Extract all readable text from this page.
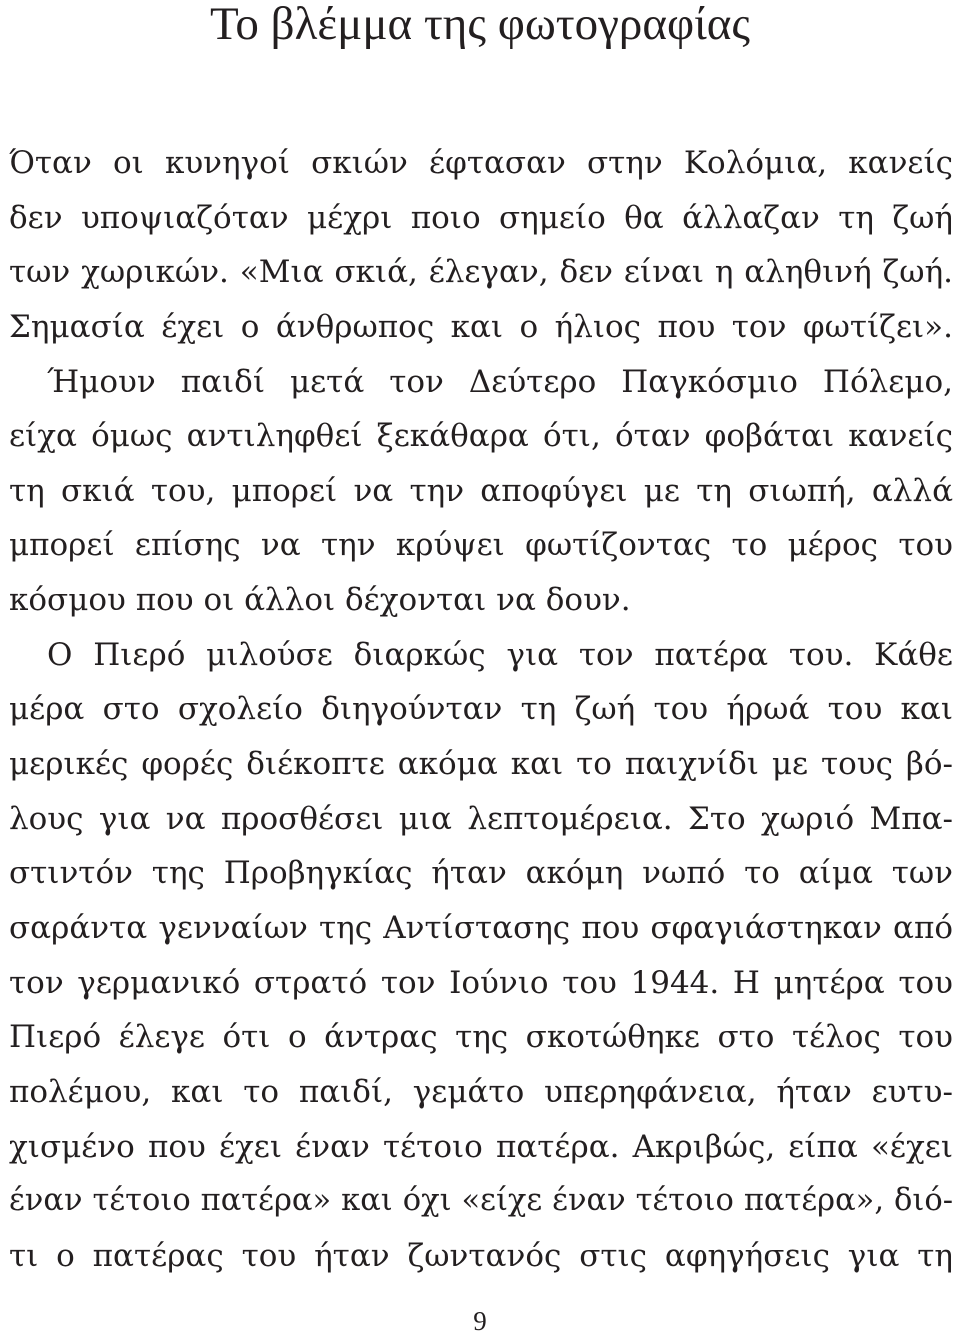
Το βλέμμα της φωτογραφίας
Όταν οι κυνηγοί σκιών έφτασαν στην Κολόμια, κανείς
δεν υποψιαζόταν μέχρι ποιο σημείο θα άλλαζαν τη ζωή
των χωρικών. «Μια σκιά, έλεγαν, δεν είναι η αληθινή ζωή.
Σημασία έχει ο άνθρωπος και ο ήλιος που τον φωτίζει».
Ήμουν παιδί μετά τον Δεύτερο Παγκόσμιο Πόλεμο,
είχα όμως αντιληφθεί ξεκάθαρα ότι, όταν φοβάται κανείς
τη σκιά του, μπορεί να την αποφύγει με τη σιωπή, αλλά
μπορεί επίσης να την κρύψει φωτίζοντας το μέρος του
κόσμου που οι άλλοι δέχονται να δουν.
Ο Πιερό μιλούσε διαρκώς για τον πατέρα του. Κάθε
μέρα στο σχολείο διηγούνταν τη ζωή του ήρωά του και
μερικές φορές διέκοπτε ακόμα και το παιχνίδι με τους βό-
λους για να προσθέσει μια λεπτομέρεια. Στο χωριό Μπα-
στιντόν της Προβηγκίας ήταν ακόμη νωπό το αίμα των
σαράντα γενναίων της Αντίστασης που σφαγιάστηκαν από
τον γερμανικό στρατό τον Ιούνιο του 1944. Η μητέρα του
Πιερό έλεγε ότι ο άντρας της σκοτώθηκε στο τέλος του
πολέμου, και το παιδί, γεμάτο υπερηφάνεια, ήταν ευτυ-
χισμένο που έχει έναν τέτοιο πατέρα. Ακριβώς, είπα «έχει
έναν τέτοιο πατέρα» και όχι «είχε έναν τέτοιο πατέρα», διό-
τι ο πατέρας του ήταν ζωντανός στις αφηγήσεις για τη
9
